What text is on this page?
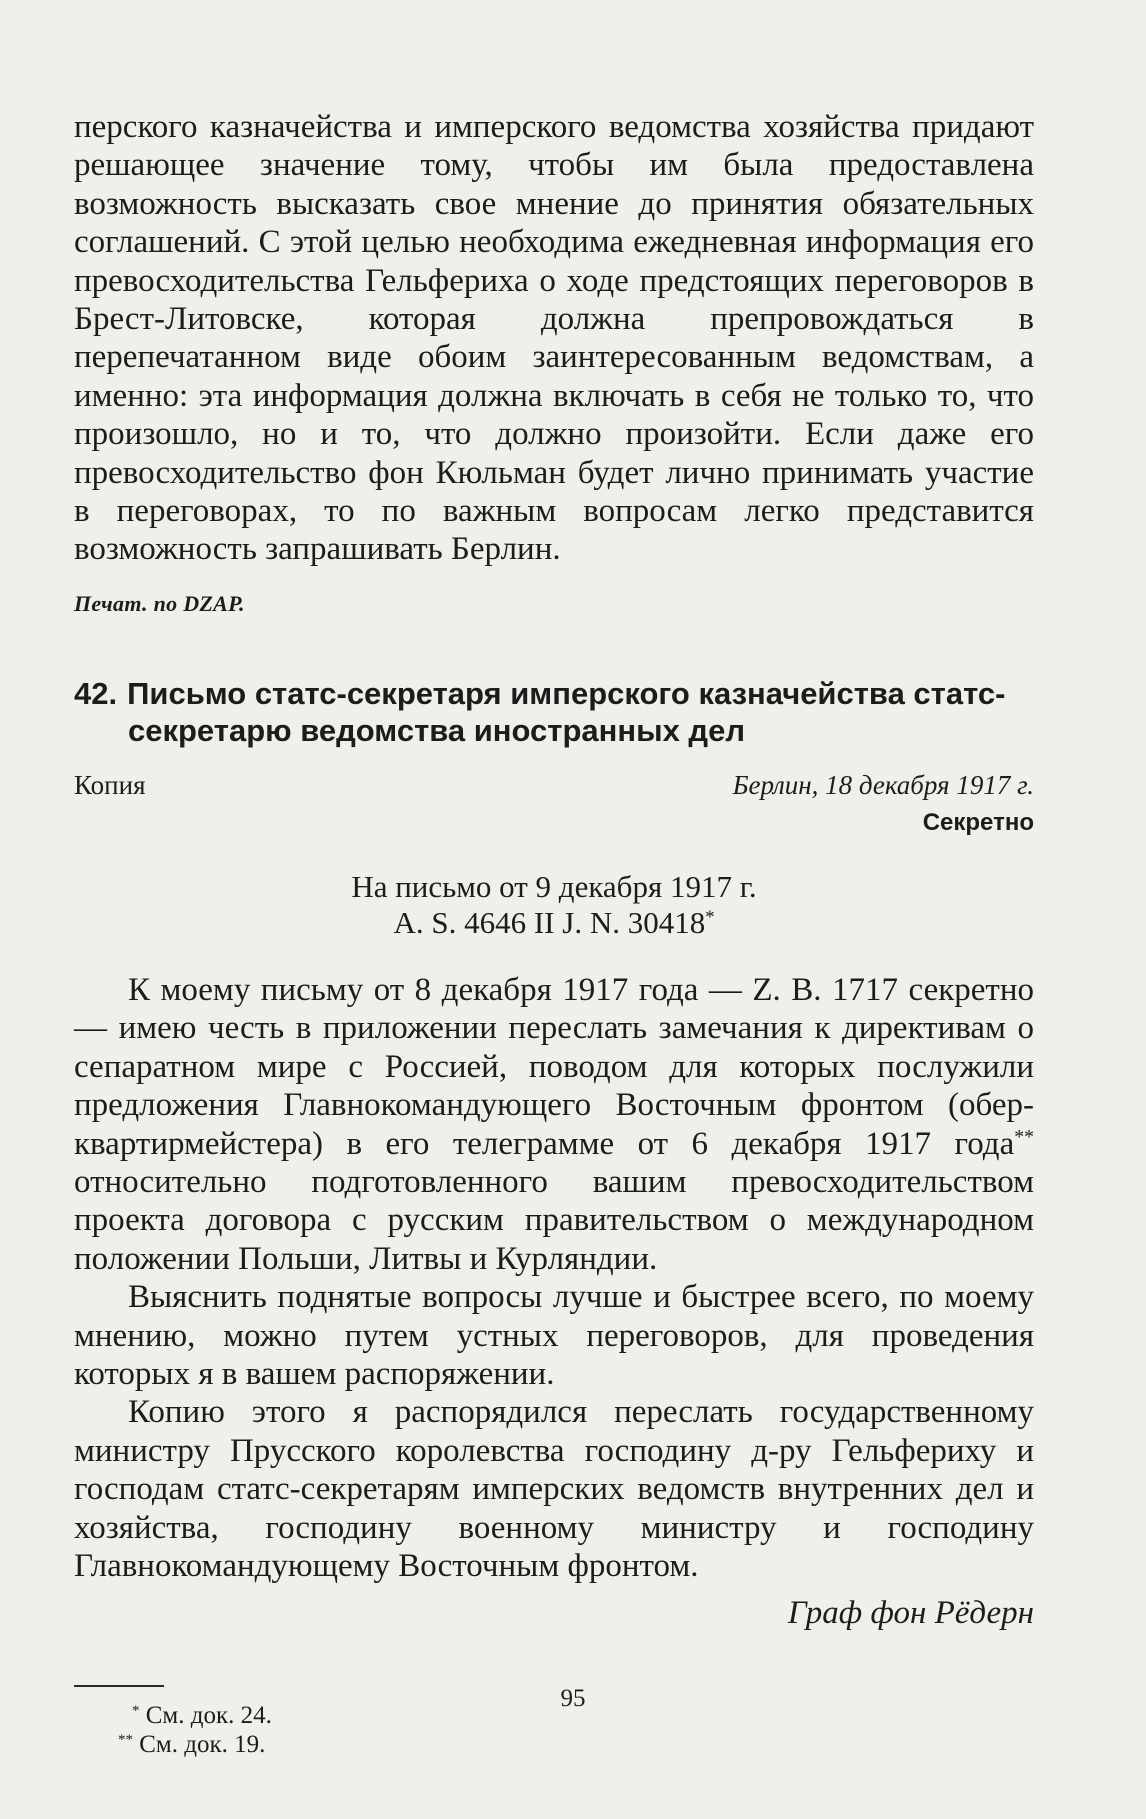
перского казначейства и имперского ведомства хозяйства придают решающее значение тому, чтобы им была предоставлена возможность высказать свое мнение до принятия обязательных соглашений. С этой целью необходима ежедневная информация его превосходительства Гельфериха о ходе предстоящих переговоров в Брест-Литовске, которая должна препровождаться в перепечатанном виде обоим заинтересованным ведомствам, а именно: эта информация должна включать в себя не только то, что произошло, но и то, что должно произойти. Если даже его превосходительство фон Кюльман будет лично принимать участие в переговорах, то по важным вопросам легко представится возможность запрашивать Берлин.

Печат. по DZAP.
42. Письмо статс-секретаря имперского казначейства статс-
секретарю ведомства иностранных дел
Копия	Берлин, 18 декабря 1917 г.
Секретно
На письмо от 9 декабря 1917 г.
A. S. 4646 II J. N. 30418*

К моему письму от 8 декабря 1917 года — Z. B. 1717 секретно — имею честь в приложении переслать замечания к директивам о сепаратном мире с Россией, поводом для которых послужили предложения Главнокомандующего Восточным фронтом (обер-квартирмейстера) в его телеграмме от 6 декабря 1917 года** относительно подготовленного вашим превосходительством проекта договора с русским правительством о международном положении Польши, Литвы и Курляндии.

Выяснить поднятые вопросы лучше и быстрее всего, по моему мнению, можно путем устных переговоров, для проведения которых я в вашем распоряжении.

Копию этого я распорядился переслать государственному министру Прусского королевства господину д-ру Гельфериху и господам статс-секретарям имперских ведомств внутренних дел и хозяйства, господину военному министру и господину Главнокомандующему Восточным фронтом.

Граф фон Рёдерн
* См. док. 24.
** См. док. 19.
95
